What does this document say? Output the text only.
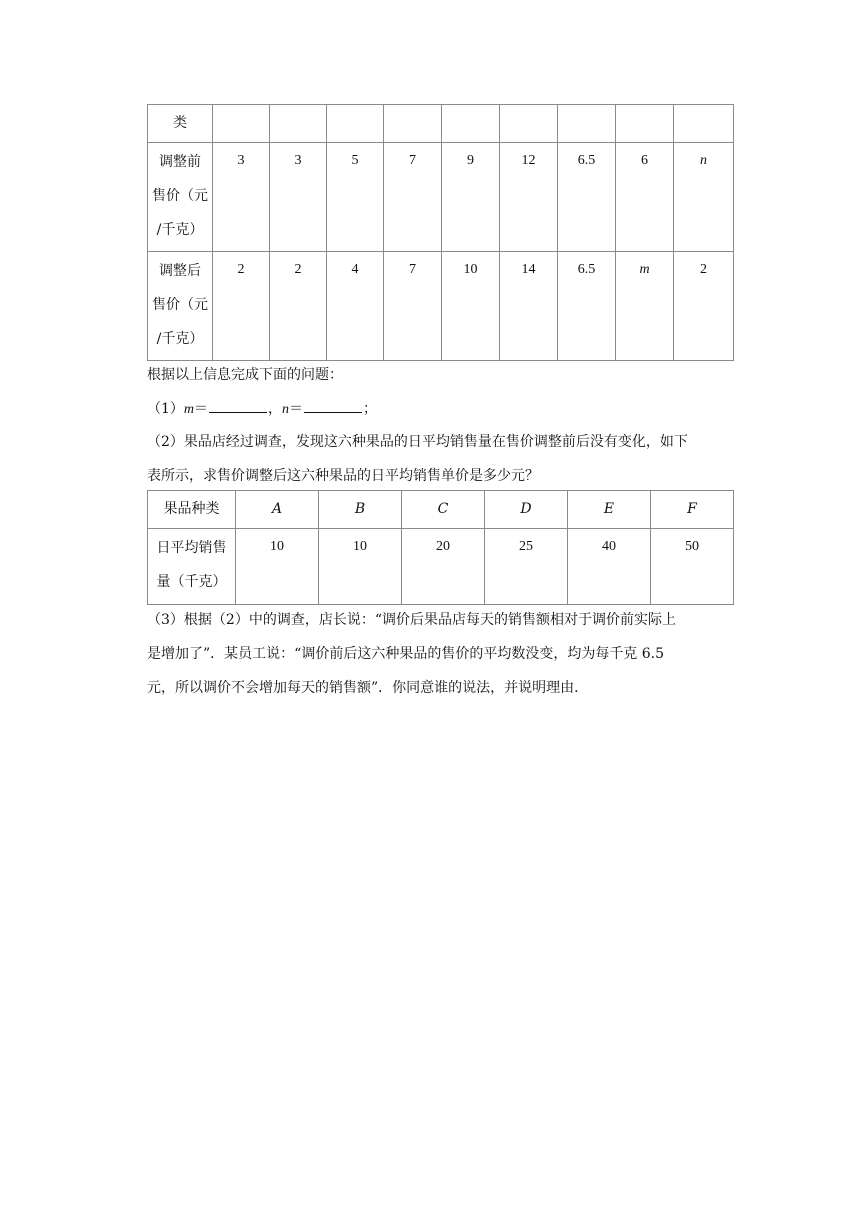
类									

调整前
售价（元
/千克）	3	3	5	7	9	12	6.5	6	n

调整后
售价（元
/千克）	2	2	4	7	10	14	6.5	m	2
根据以上信息完成下面的问题：
（1）m＝	，n＝	；
（2）果品店经过调查，发现这六种果品的日平均销售量在售价调整前后没有变化，如下
表所示，求售价调整后这六种果品的日平均销售单价是多少元？
果品种类	A	B	C	D	E	F

日平均销售
量（千克）	10	10	20	25	40	50
（3）根据（2）中的调查，店长说：“调价后果品店每天的销售额相对于调价前实际上
是增加了”．某员工说：“调价前后这六种果品的售价的平均数没变，均为每千克 6.5
元，所以调价不会增加每天的销售额”．你同意谁的说法，并说明理由．
